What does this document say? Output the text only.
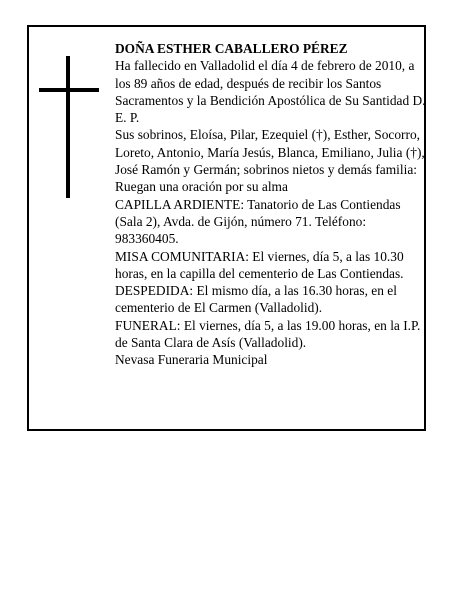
DOÑA ESTHER CABALLERO PÉREZ

Ha fallecido en Valladolid el día 4 de febrero de 2010, a los 89 años de edad, después de recibir los Santos Sacramentos y la Bendición Apostólica de Su Santidad D. E. P.

Sus sobrinos, Eloísa, Pilar, Ezequiel (†), Esther, Socorro, Loreto, Antonio, María Jesús, Blanca, Emiliano, Julia (†), José Ramón y Germán; sobrinos nietos y demás familia:

Ruegan una oración por su alma

CAPILLA ARDIENTE: Tanatorio de Las Contiendas (Sala 2), Avda. de Gijón, número 71. Teléfono: 983360405.

MISA COMUNITARIA: El viernes, día 5, a las 10.30 horas, en la capilla del cementerio de Las Contiendas.

DESPEDIDA: El mismo día, a las 16.30 horas, en el cementerio de El Carmen (Valladolid).

FUNERAL: El viernes, día 5, a las 19.00 horas, en la I.P. de Santa Clara de Asís (Valladolid).

Nevasa Funeraria Municipal
